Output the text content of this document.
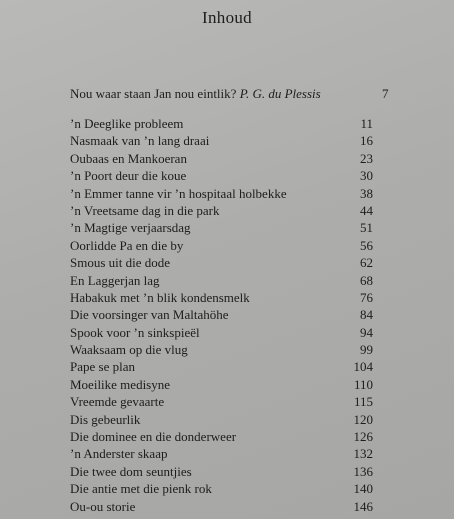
Inhoud
Nou waar staan Jan nou eintlik? P. G. du Plessis	7
’n Deeglike probleem	11
Nasmaak van ’n lang draai	16
Oubaas en Mankoeran	23
’n Poort deur die koue	30
’n Emmer tanne vir ’n hospitaal holbekke	38
’n Vreetsame dag in die park	44
’n Magtige verjaarsdag	51
Oorlidde Pa en die by	56
Smous uit die dode	62
En Laggerjan lag	68
Habakuk met ’n blik kondensmelk	76
Die voorsinger van Maltahöhe	84
Spook voor ’n sinkspieël	94
Waaksaam op die vlug	99
Pape se plan	104
Moeilike medisyne	110
Vreemde gevaarte	115
Dis gebeurlik	120
Die dominee en die donderweer	126
’n Anderster skaap	132
Die twee dom seuntjies	136
Die antie met die pienk rok	140
Ou-ou storie	146
